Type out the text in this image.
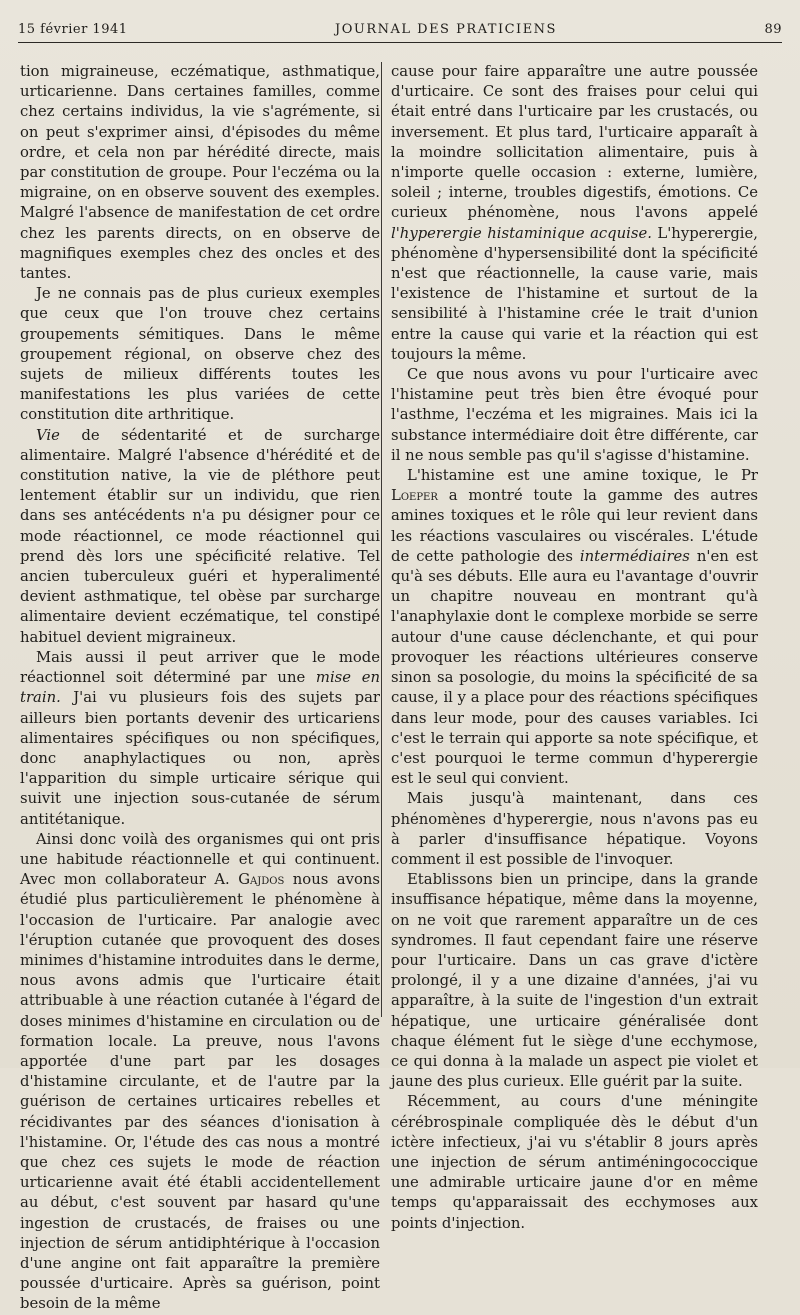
15 février 1941	JOURNAL DES PRATICIENS	89

tion migraineuse, eczématique, asthmatique, urticarienne. Dans certaines familles, comme chez certains individus, la vie s'agrémente, si on peut s'exprimer ainsi, d'épisodes du même ordre, et cela non par hérédité directe, mais par constitution de groupe. Pour l'eczéma ou la migraine, on en observe souvent des exemples. Malgré l'absence de manifestation de cet ordre chez les parents directs, on en observe de magnifiques exemples chez des oncles et des tantes.

Je ne connais pas de plus curieux exemples que ceux que l'on trouve chez certains groupements sémitiques. Dans le même groupement régional, on observe chez des sujets de milieux différents toutes les manifestations les plus variées de cette constitution dite arthritique.

Vie de sédentarité et de surcharge alimentaire. Malgré l'absence d'hérédité et de constitution native, la vie de pléthore peut lentement établir sur un individu, que rien dans ses antécédents n'a pu désigner pour ce mode réactionnel, ce mode réactionnel qui prend dès lors une spécificité relative. Tel ancien tuberculeux guéri et hyperalimenté devient asthmatique, tel obèse par surcharge alimentaire devient eczématique, tel constipé habituel devient migraineux.

Mais aussi il peut arriver que le mode réactionnel soit déterminé par une mise en train. J'ai vu plusieurs fois des sujets par ailleurs bien portants devenir des urticariens alimentaires spécifiques ou non spécifiques, donc anaphylactiques ou non, après l'apparition du simple urticaire sérique qui suivit une injection sous-cutanée de sérum antitétanique.

Ainsi donc voilà des organismes qui ont pris une habitude réactionnelle et qui continuent. Avec mon collaborateur A. Gajdos nous avons étudié plus particulièrement le phénomène à l'occasion de l'urticaire. Par analogie avec l'éruption cutanée que provoquent des doses minimes d'histamine introduites dans le derme, nous avons admis que l'urticaire était attribuable à une réaction cutanée à l'égard de doses minimes d'histamine en circulation ou de formation locale. La preuve, nous l'avons apportée d'une part par les dosages d'histamine circulante, et de l'autre par la guérison de certaines urticaires rebelles et récidivantes par des séances d'ionisation à l'histamine. Or, l'étude des cas nous a montré que chez ces sujets le mode de réaction urticarienne avait été établi accidentellement au début, c'est souvent par hasard qu'une ingestion de crustacés, de fraises ou une injection de sérum antidiphtérique à l'occasion d'une angine ont fait apparaître la première poussée d'urticaire. Après sa guérison, point besoin de la même

cause pour faire apparaître une autre poussée d'urticaire. Ce sont des fraises pour celui qui était entré dans l'urticaire par les crustacés, ou inversement. Et plus tard, l'urticaire apparaît à la moindre sollicitation alimentaire, puis à n'importe quelle occasion : externe, lumière, soleil ; interne, troubles digestifs, émotions. Ce curieux phénomène, nous l'avons appelé l'hyperergie histaminique acquise. L'hyperergie, phénomène d'hypersensibilité dont la spécificité n'est que réactionnelle, la cause varie, mais l'existence de l'histamine et surtout de la sensibilité à l'histamine crée le trait d'union entre la cause qui varie et la réaction qui est toujours la même.

Ce que nous avons vu pour l'urticaire avec l'histamine peut très bien être évoqué pour l'asthme, l'eczéma et les migraines. Mais ici la substance intermédiaire doit être différente, car il ne nous semble pas qu'il s'agisse d'histamine.

L'histamine est une amine toxique, le Pr Loeper a montré toute la gamme des autres amines toxiques et le rôle qui leur revient dans les réactions vasculaires ou viscérales. L'étude de cette pathologie des intermédiaires n'en est qu'à ses débuts. Elle aura eu l'avantage d'ouvrir un chapitre nouveau en montrant qu'à l'anaphylaxie dont le complexe morbide se serre autour d'une cause déclenchante, et qui pour provoquer les réactions ultérieures conserve sinon sa posologie, du moins la spécificité de sa cause, il y a place pour des réactions spécifiques dans leur mode, pour des causes variables. Ici c'est le terrain qui apporte sa note spécifique, et c'est pourquoi le terme commun d'hyperergie est le seul qui convient.

Mais jusqu'à maintenant, dans ces phénomènes d'hyperergie, nous n'avons pas eu à parler d'insuffisance hépatique. Voyons comment il est possible de l'invoquer.

Etablissons bien un principe, dans la grande insuffisance hépatique, même dans la moyenne, on ne voit que rarement apparaître un de ces syndromes. Il faut cependant faire une réserve pour l'urticaire. Dans un cas grave d'ictère prolongé, il y a une dizaine d'années, j'ai vu apparaître, à la suite de l'ingestion d'un extrait hépatique, une urticaire généralisée dont chaque élément fut le siège d'une ecchymose, ce qui donna à la malade un aspect pie violet et jaune des plus curieux. Elle guérit par la suite.

Récemment, au cours d'une méningite cérébrospinale compliquée dès le début d'un ictère infectieux, j'ai vu s'établir 8 jours après une injection de sérum antiméningococcique une admirable urticaire jaune d'or en même temps qu'apparaissait des ecchymoses aux points d'injection.
